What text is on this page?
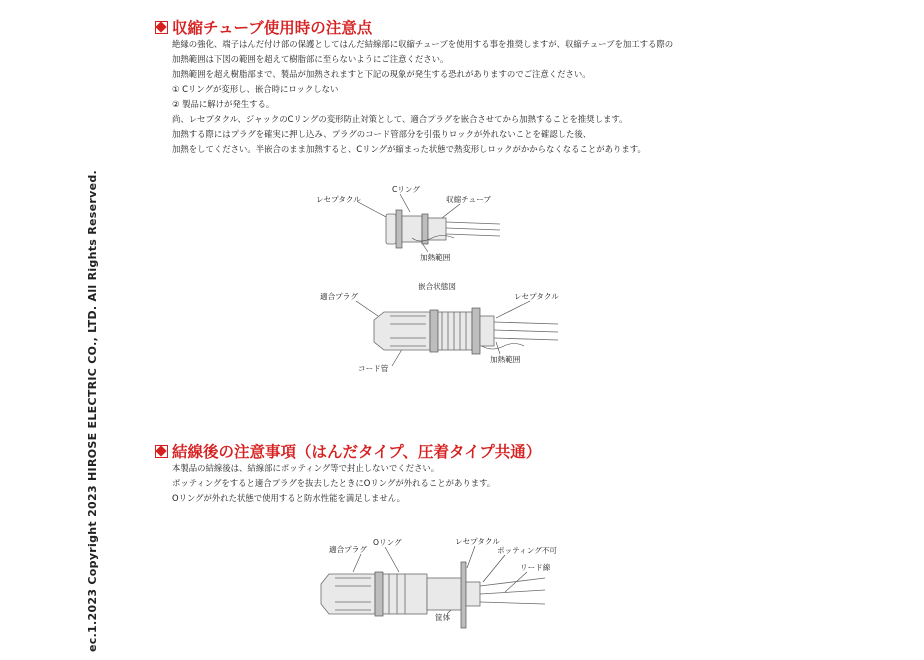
ec.1.2023 Copyright 2023 HIROSE ELECTRIC CO., LTD. All Rights Reserved.
収縮チューブ使用時の注意点
絶縁の強化、端子はんだ付け部の保護としてはんだ結線部に収縮チューブを使用する事を推奨しますが、収縮チューブを加工する際の
加熱範囲は下図の範囲を超えて樹脂部に至らないようにご注意ください。
加熱範囲を超え樹脂部まで、製品が加熱されますと下記の現象が発生する恐れがありますのでご注意ください。
① Cリングが変形し、嵌合時にロックしない
② 製品に解けが発生する。
尚、レセプタクル、ジャックのCリングの変形防止対策として、適合プラグを嵌合させてから加熱することを推奨します。
加熱する際にはプラグを確実に押し込み、プラグのコード管部分を引張りロックが外れないことを確認した後、
加熱をしてください。半嵌合のまま加熱すると、Cリングが縮まった状態で熱変形しロックがかからなくなることがあります。
レセプタクル
Cリング
収縮チューブ
加熱範囲
嵌合状態図
適合プラグ	レセプタクル
コード管
加熱範囲
結線後の注意事項（はんだタイプ、圧着タイプ共通）
本製品の結線後は、結線部にポッティング等で封止しないでください。
ポッティングをすると適合プラグを抜去したときにOリングが外れることがあります。
Oリングが外れた状態で使用すると防水性能を満足しません。
適合プラグ
Oリング	レセプタクル
ポッティング不可
リード線
筐体
